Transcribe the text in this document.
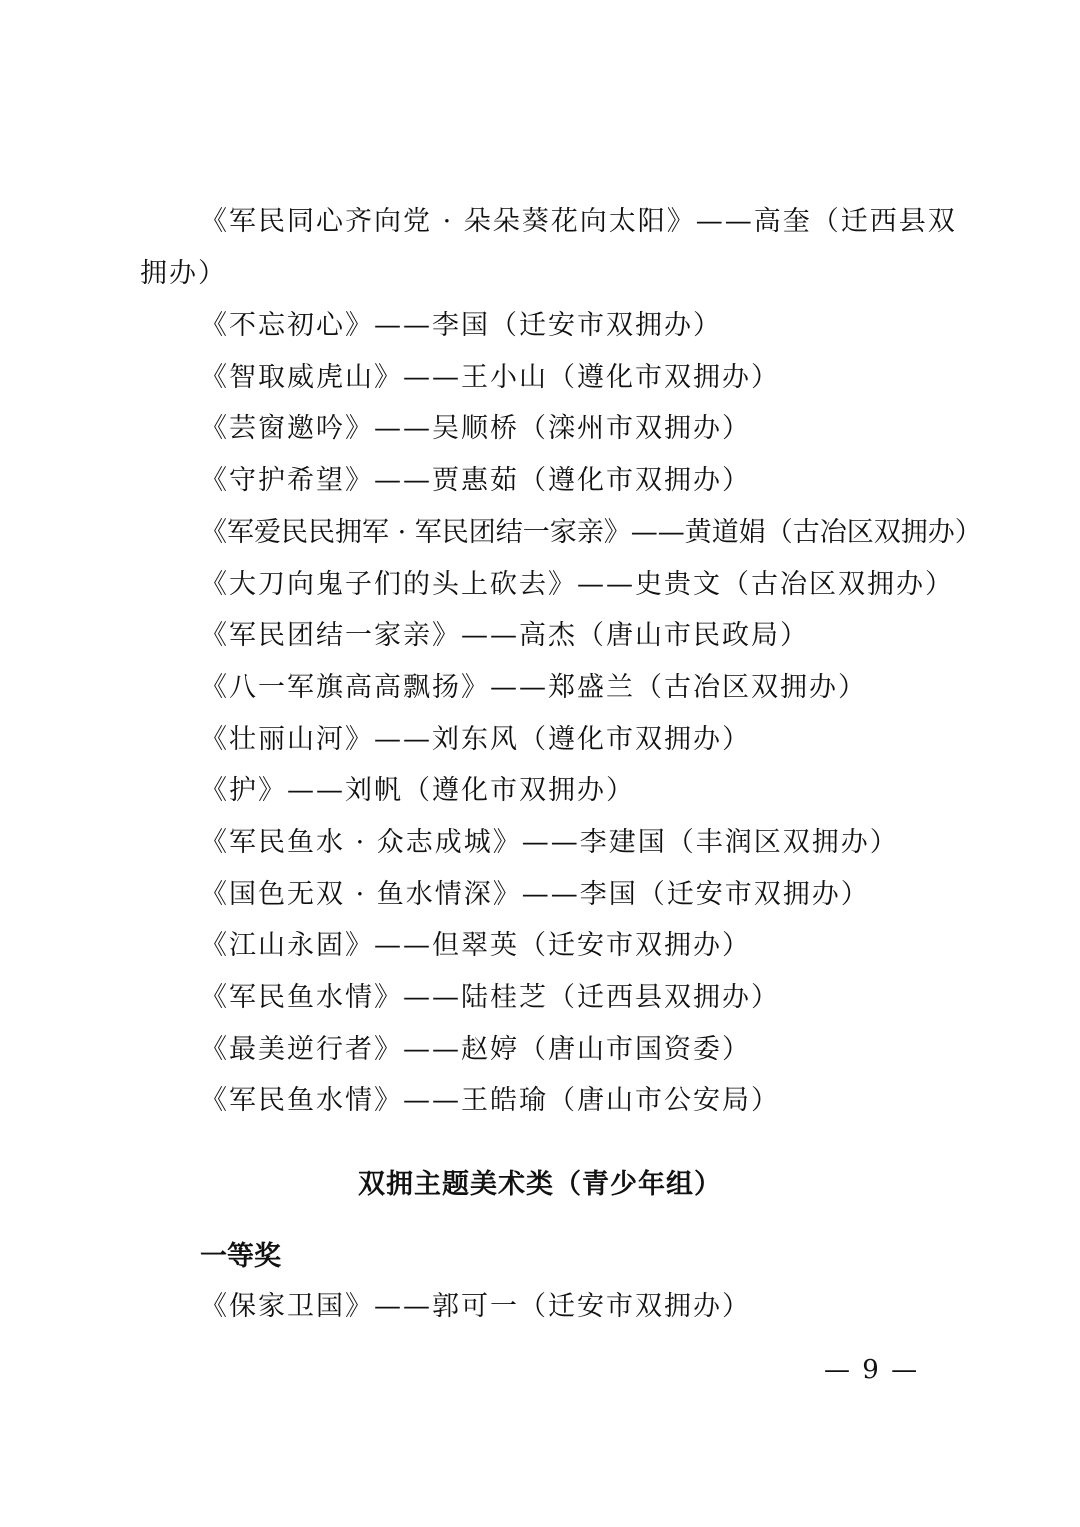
《军民同心齐向党 · 朵朵葵花向太阳》——高奎（迁西县双
拥办）
《不忘初心》——李国（迁安市双拥办）
《智取威虎山》——王小山（遵化市双拥办）
《芸窗邀吟》——吴顺桥（滦州市双拥办）
《守护希望》——贾惠茹（遵化市双拥办）
《军爱民民拥军 · 军民团结一家亲》——黄道娟（古冶区双拥办）
《大刀向鬼子们的头上砍去》——史贵文（古冶区双拥办）
《军民团结一家亲》——高杰（唐山市民政局）
《八一军旗高高飘扬》——郑盛兰（古冶区双拥办）
《壮丽山河》——刘东风（遵化市双拥办）
《护》——刘帆（遵化市双拥办）
《军民鱼水 · 众志成城》——李建国（丰润区双拥办）
《国色无双 · 鱼水情深》——李国（迁安市双拥办）
《江山永固》——但翠英（迁安市双拥办）
《军民鱼水情》——陆桂芝（迁西县双拥办）
《最美逆行者》——赵婷（唐山市国资委）
《军民鱼水情》——王皓瑜（唐山市公安局）
双拥主题美术类（青少年组）
一等奖
《保家卫国》——郭可一（迁安市双拥办）
— 9 —
